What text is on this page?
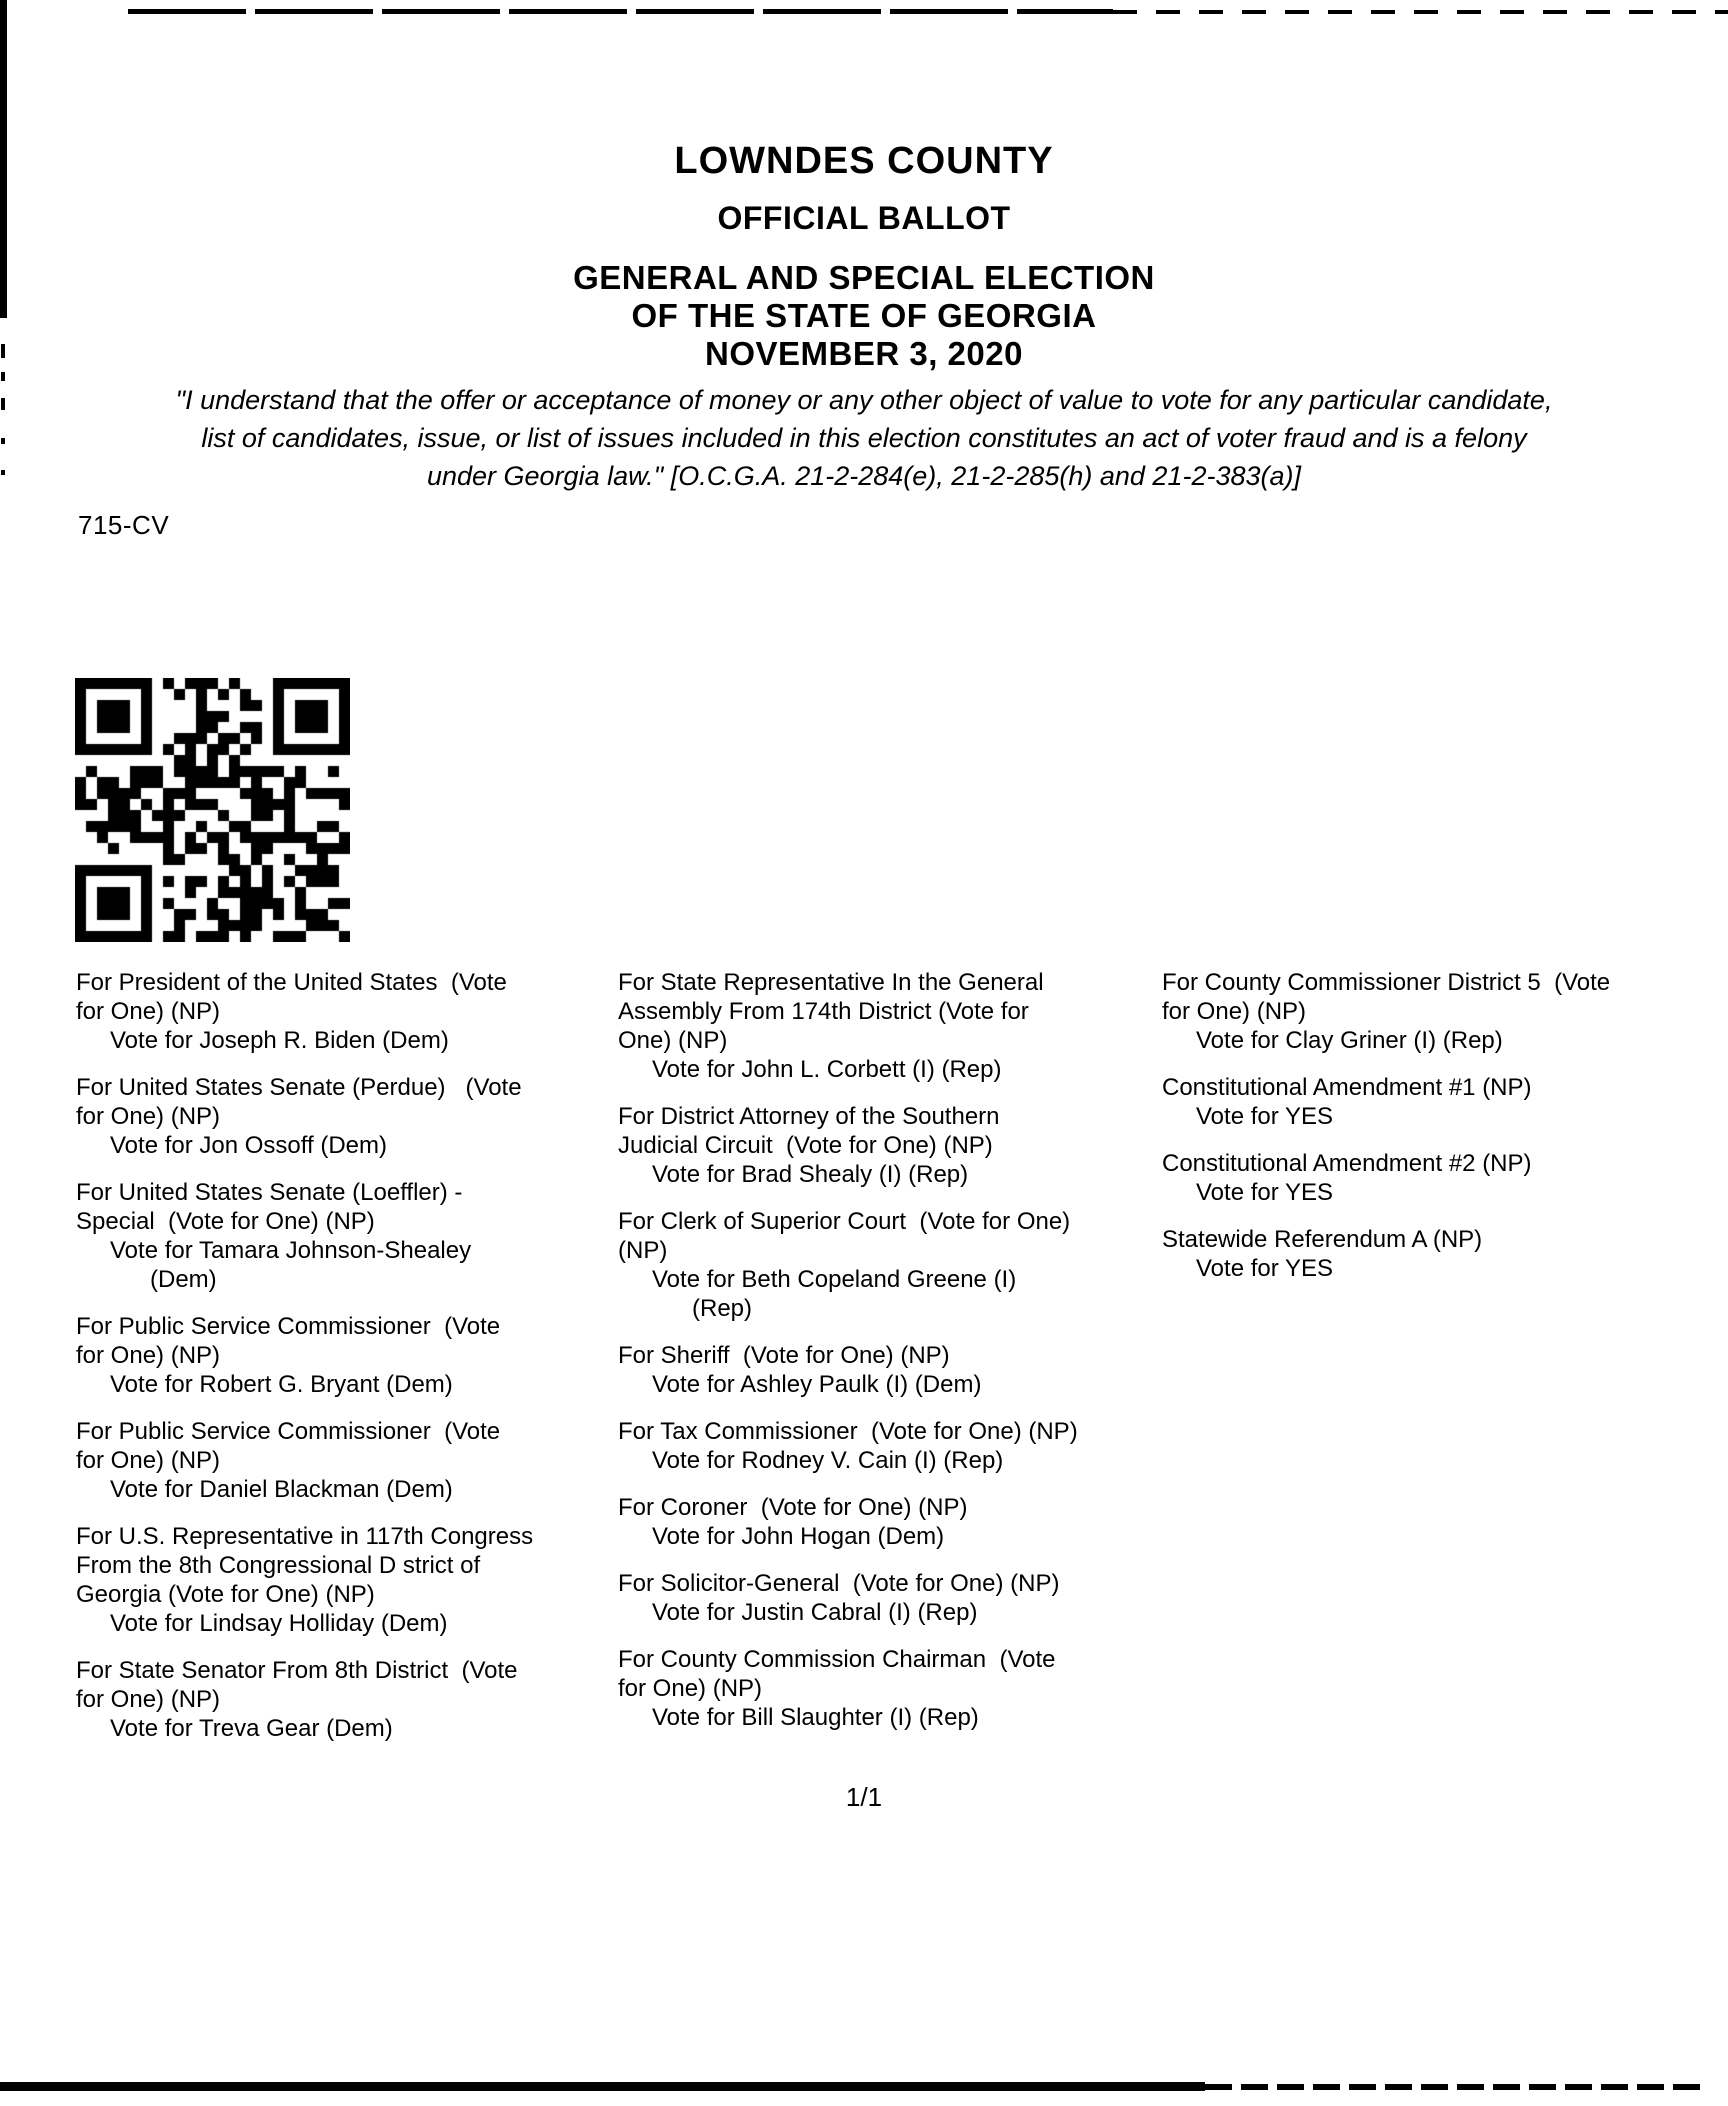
LOWNDES COUNTY
OFFICIAL BALLOT
GENERAL AND SPECIAL ELECTION
OF THE STATE OF GEORGIA
NOVEMBER 3, 2020
"I understand that the offer or acceptance of money or any other object of value to vote for any particular candidate,
list of candidates, issue, or list of issues included in this election constitutes an act of voter fraud and is a felony
under Georgia law." [O.C.G.A. 21-2-284(e), 21-2-285(h) and 21-2-383(a)]
715-CV
For President of the United States  (Vote
for One) (NP)
Vote for Joseph R. Biden (Dem)
For United States Senate (Perdue)   (Vote
for One) (NP)
Vote for Jon Ossoff (Dem)
For United States Senate (Loeffler) -
Special  (Vote for One) (NP)
Vote for Tamara Johnson-Shealey
(Dem)
For Public Service Commissioner  (Vote
for One) (NP)
Vote for Robert G. Bryant (Dem)
For Public Service Commissioner  (Vote
for One) (NP)
Vote for Daniel Blackman (Dem)
For U.S. Representative in 117th Congress
From the 8th Congressional D strict of
Georgia (Vote for One) (NP)
Vote for Lindsay Holliday (Dem)
For State Senator From 8th District  (Vote
for One) (NP)
Vote for Treva Gear (Dem)
For State Representative In the General
Assembly From 174th District (Vote for
One) (NP)
Vote for John L. Corbett (I) (Rep)
For District Attorney of the Southern
Judicial Circuit  (Vote for One) (NP)
Vote for Brad Shealy (I) (Rep)
For Clerk of Superior Court  (Vote for One)
(NP)
Vote for Beth Copeland Greene (I)
(Rep)
For Sheriff  (Vote for One) (NP)
Vote for Ashley Paulk (I) (Dem)
For Tax Commissioner  (Vote for One) (NP)
Vote for Rodney V. Cain (I) (Rep)
For Coroner  (Vote for One) (NP)
Vote for John Hogan (Dem)
For Solicitor-General  (Vote for One) (NP)
Vote for Justin Cabral (I) (Rep)
For County Commission Chairman  (Vote
for One) (NP)
Vote for Bill Slaughter (I) (Rep)
For County Commissioner District 5  (Vote
for One) (NP)
Vote for Clay Griner (I) (Rep)
Constitutional Amendment #1 (NP)
Vote for YES
Constitutional Amendment #2 (NP)
Vote for YES
Statewide Referendum A (NP)
Vote for YES
1/1
